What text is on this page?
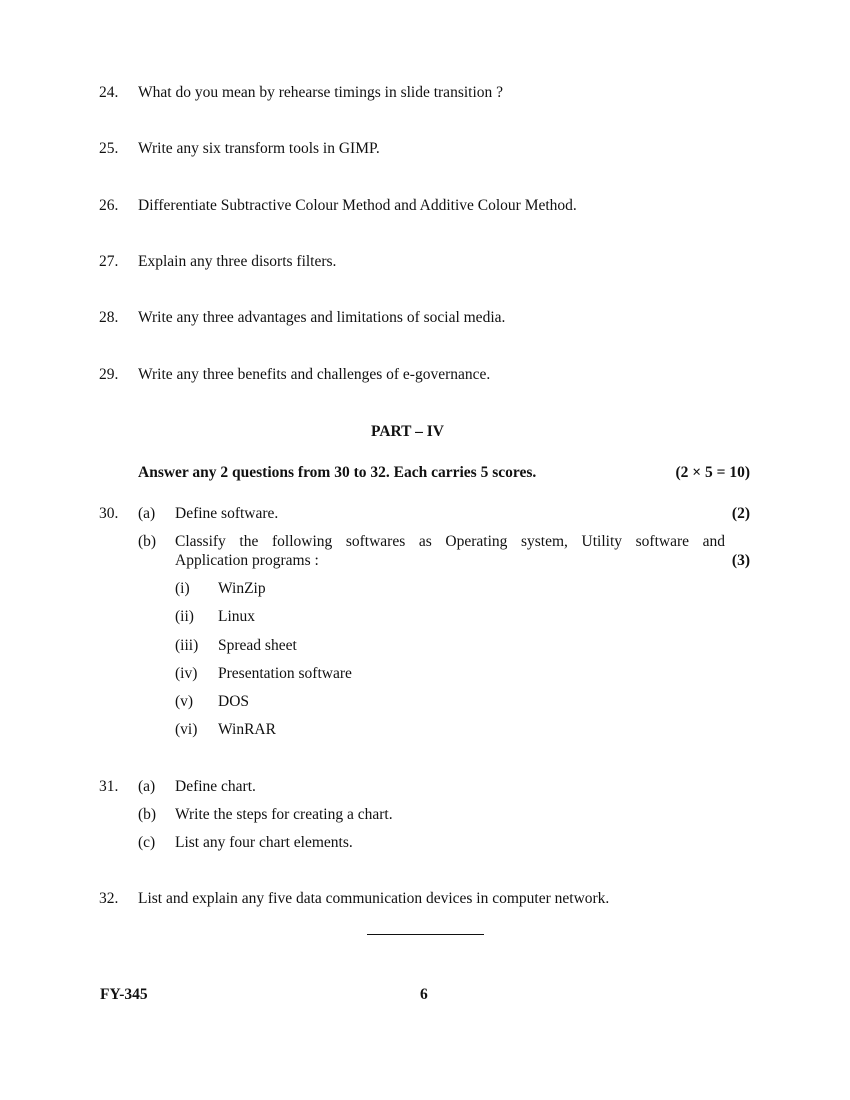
24. What do you mean by rehearse timings in slide transition ?
25. Write any six transform tools in GIMP.
26. Differentiate Subtractive Colour Method and Additive Colour Method.
27. Explain any three disorts filters.
28. Write any three advantages and limitations of social media.
29. Write any three benefits and challenges of e-governance.
PART – IV
Answer any 2 questions from 30 to 32. Each carries 5 scores.	(2 × 5 = 10)
30. (a) Define software.	(2)
(b) Classify the following softwares as Operating system, Utility software and
Application programs :	(3)
(i) WinZip
(ii) Linux
(iii) Spread sheet
(iv) Presentation software
(v) DOS
(vi) WinRAR
31. (a) Define chart.
(b) Write the steps for creating a chart.
(c) List any four chart elements.
32. List and explain any five data communication devices in computer network.
FY-345	6
